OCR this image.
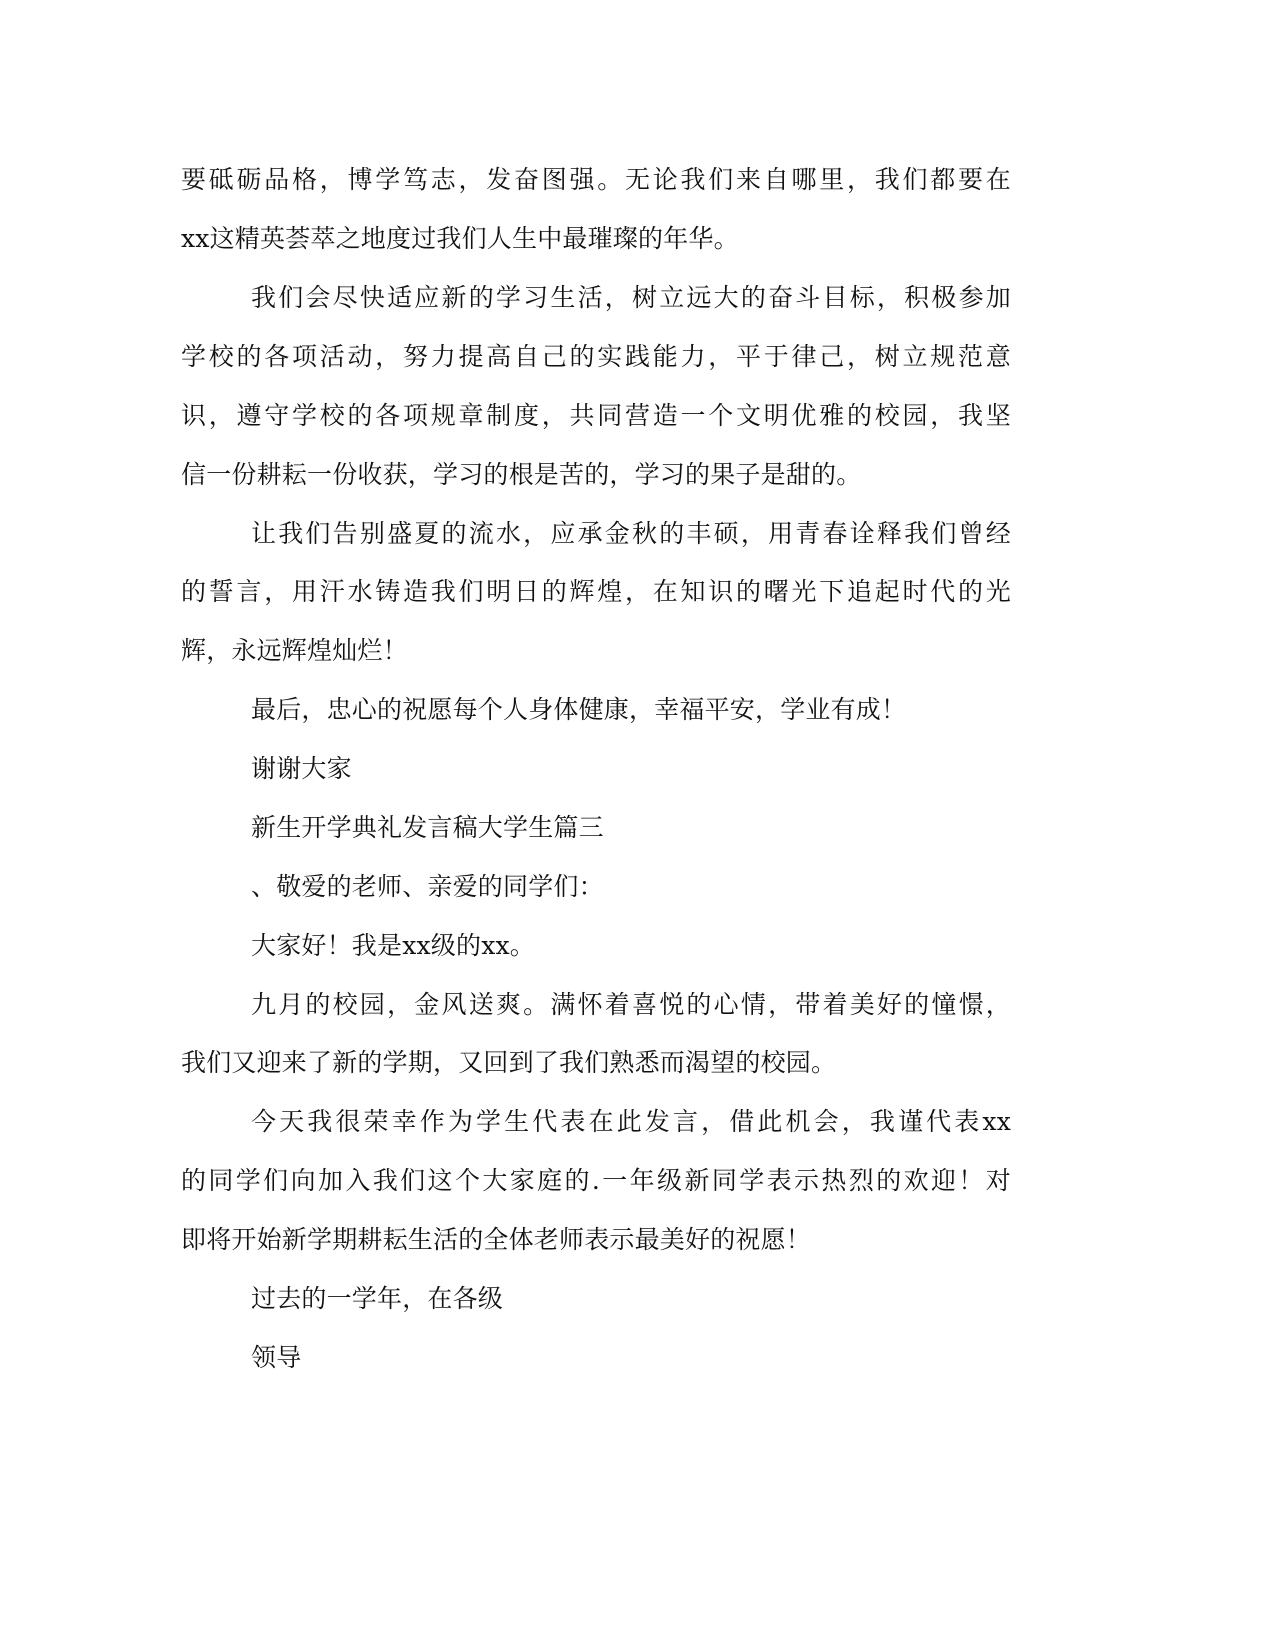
要砥砺品格，博学笃志，发奋图强。无论我们来自哪里，我们都要在
xx这精英荟萃之地度过我们人生中最璀璨的年华。
我们会尽快适应新的学习生活，树立远大的奋斗目标，积极参加
学校的各项活动，努力提高自己的实践能力，平于律己，树立规范意
识，遵守学校的各项规章制度，共同营造一个文明优雅的校园，我坚
信一份耕耘一份收获，学习的根是苦的，学习的果子是甜的。
让我们告别盛夏的流水，应承金秋的丰硕，用青春诠释我们曾经
的誓言，用汗水铸造我们明日的辉煌，在知识的曙光下追起时代的光
辉，永远辉煌灿烂！
最后，忠心的祝愿每个人身体健康，幸福平安，学业有成！
谢谢大家
新生开学典礼发言稿大学生篇三
、敬爱的老师、亲爱的同学们：
大家好！我是xx级的xx。
九月的校园，金风送爽。满怀着喜悦的心情，带着美好的憧憬，
我们又迎来了新的学期，又回到了我们熟悉而渴望的校园。
今天我很荣幸作为学生代表在此发言，借此机会，我谨代表xx
的同学们向加入我们这个大家庭的.一年级新同学表示热烈的欢迎！对
即将开始新学期耕耘生活的全体老师表示最美好的祝愿！
过去的一学年，在各级
领导
